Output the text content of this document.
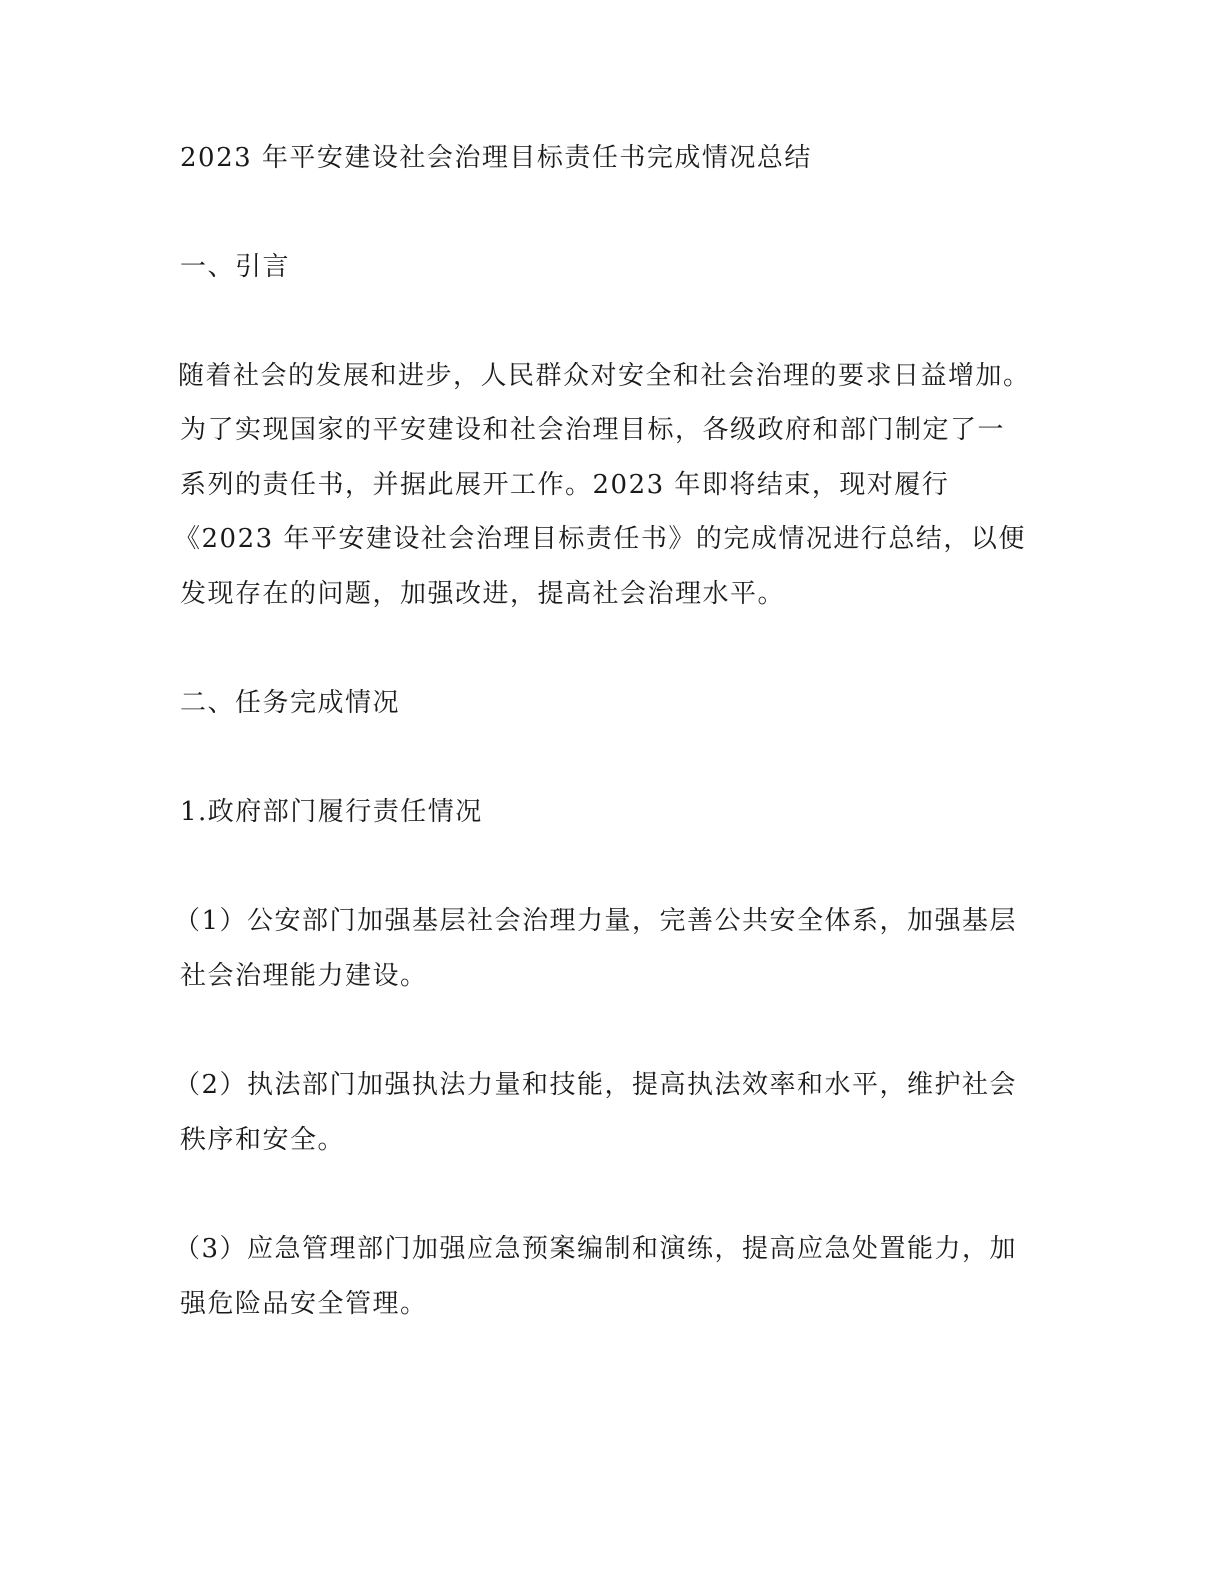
2023 年平安建设社会治理目标责任书完成情况总结
一、引言
随着社会的发展和进步，人民群众对安全和社会治理的要求日益增加。
为了实现国家的平安建设和社会治理目标，各级政府和部门制定了一
系列的责任书，并据此展开工作。2023 年即将结束，现对履行
《2023 年平安建设社会治理目标责任书》的完成情况进行总结，以便
发现存在的问题，加强改进，提高社会治理水平。
二、任务完成情况
1.政府部门履行责任情况
（1）公安部门加强基层社会治理力量，完善公共安全体系，加强基层
社会治理能力建设。
（2）执法部门加强执法力量和技能，提高执法效率和水平，维护社会
秩序和安全。
（3）应急管理部门加强应急预案编制和演练，提高应急处置能力，加
强危险品安全管理。
